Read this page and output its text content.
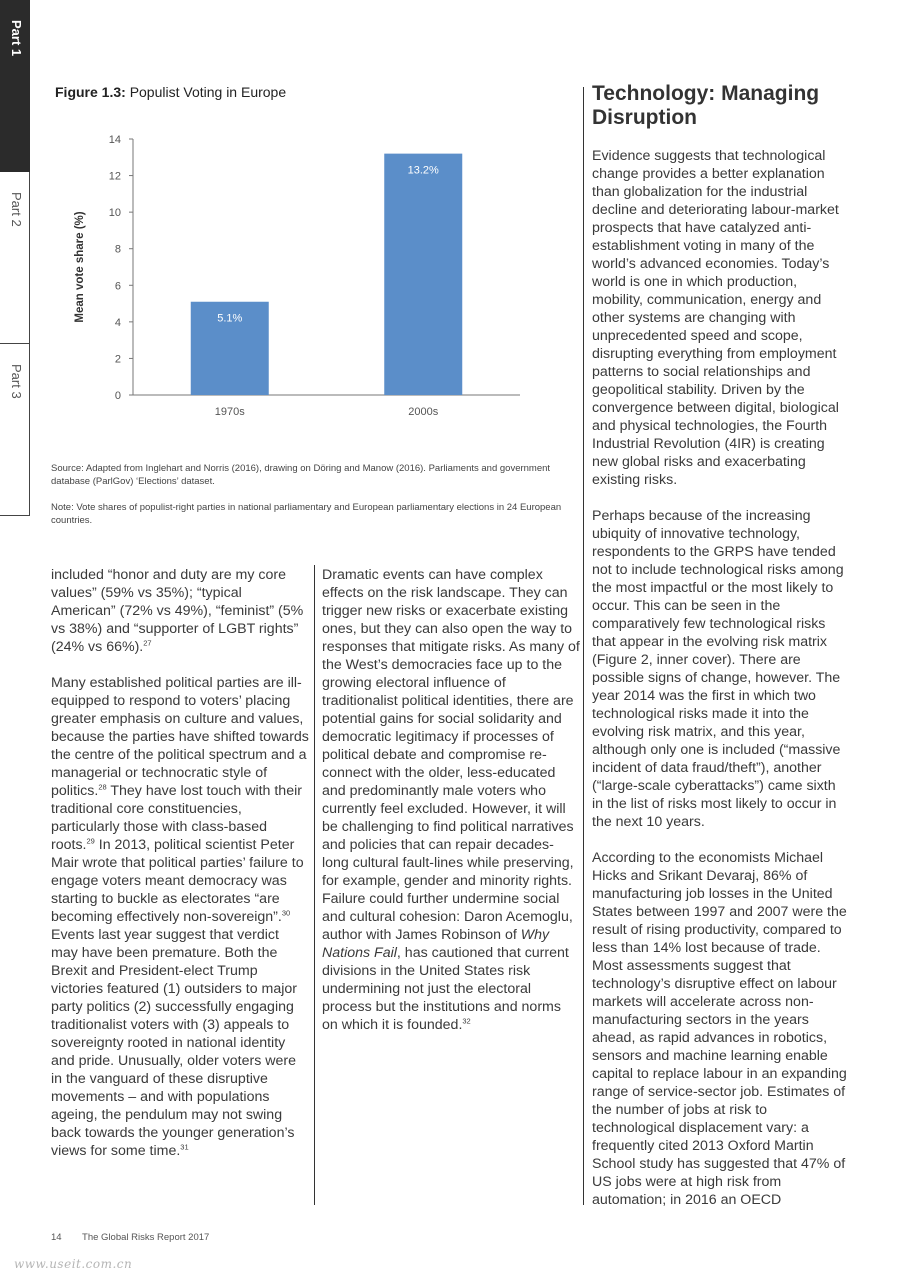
Part 1
Part 2
Part 3
Figure 1.3: Populist Voting in Europe
0
2
4
6
8
10
12
14
Mean vote share (%)	5.1%
1970s
13.2%
2000s
Source: Adapted from Inglehart and Norris (2016), drawing on Döring and Manow (2016). Parliaments and government database (ParlGov) ‘Elections’ dataset.
Note: Vote shares of populist-right parties in national parliamentary and European parliamentary elections in 24 European countries.

included “honor and duty are my core values” (59% vs 35%); “typical American” (72% vs 49%), “feminist” (5% vs 38%) and “supporter of LGBT rights” (24% vs 66%).$^{27}$

Many established political parties are ill-equipped to respond to voters’ placing greater emphasis on culture and values, because the parties have shifted towards the centre of the political spectrum and a managerial or technocratic style of politics.$^{28}$ They have lost touch with their traditional core constituencies, particularly those with class-based roots.$^{29}$ In 2013, political scientist Peter Mair wrote that political parties’ failure to engage voters meant democracy was starting to buckle as electorates “are becoming effectively non-sovereign”.$^{30}$ Events last year suggest that verdict may have been premature. Both the Brexit and President-elect Trump victories featured (1) outsiders to major party politics (2) successfully engaging traditionalist voters with (3) appeals to sovereignty rooted in national identity and pride. Unusually, older voters were in the vanguard of these disruptive movements – and with populations ageing, the pendulum may not swing back towards the younger generation’s views for some time.$^{31}$

Dramatic events can have complex effects on the risk landscape. They can trigger new risks or exacerbate existing ones, but they can also open the way to responses that mitigate risks. As many of the West’s democracies face up to the growing electoral influence of traditionalist political identities, there are potential gains for social solidarity and democratic legitimacy if processes of political debate and compromise re-connect with the older, less-educated and predominantly male voters who currently feel excluded. However, it will be challenging to find political narratives and policies that can repair decades-long cultural fault-lines while preserving, for example, gender and minority rights. Failure could further undermine social and cultural cohesion: Daron Acemoglu, author with James Robinson of Why Nations Fail, has cautioned that current divisions in the United States risk undermining not just the electoral process but the institutions and norms on which it is founded.$^{32}$

Technology: Managing Disruption

Evidence suggests that technological change provides a better explanation than globalization for the industrial decline and deteriorating labour-market prospects that have catalyzed anti-establishment voting in many of the world’s advanced economies. Today’s world is one in which production, mobility, communication, energy and other systems are changing with unprecedented speed and scope, disrupting everything from employment patterns to social relationships and geopolitical stability. Driven by the convergence between digital, biological and physical technologies, the Fourth Industrial Revolution (4IR) is creating new global risks and exacerbating existing risks.

Perhaps because of the increasing ubiquity of innovative technology, respondents to the GRPS have tended not to include technological risks among the most impactful or the most likely to occur. This can be seen in the comparatively few technological risks that appear in the evolving risk matrix (Figure 2, inner cover). There are possible signs of change, however. The year 2014 was the first in which two technological risks made it into the evolving risk matrix, and this year, although only one is included (“massive incident of data fraud/theft”), another (“large-scale cyberattacks”) came sixth in the list of risks most likely to occur in the next 10 years.

According to the economists Michael Hicks and Srikant Devaraj, 86% of manufacturing job losses in the United States between 1997 and 2007 were the result of rising productivity, compared to less than 14% lost because of trade. Most assessments suggest that technology’s disruptive effect on labour markets will accelerate across non-manufacturing sectors in the years ahead, as rapid advances in robotics, sensors and machine learning enable capital to replace labour in an expanding range of service-sector job. Estimates of the number of jobs at risk to technological displacement vary: a frequently cited 2013 Oxford Martin School study has suggested that 47% of US jobs were at high risk from automation; in 2016 an OECD

14 The Global Risks Report 2017
www.useit.com.cn
